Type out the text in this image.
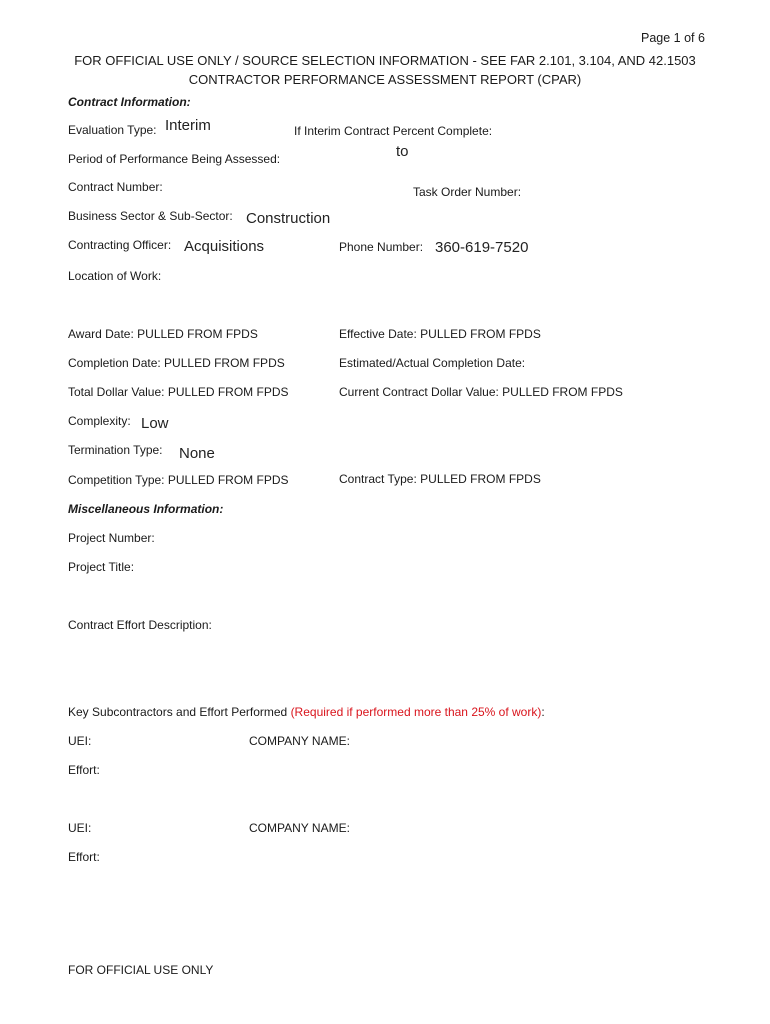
Page 1 of 6
FOR OFFICIAL USE ONLY / SOURCE SELECTION INFORMATION - SEE FAR 2.101, 3.104, AND 42.1503
CONTRACTOR PERFORMANCE ASSESSMENT REPORT (CPAR)
Contract Information:
Evaluation Type: Interim	If Interim Contract Percent Complete:
to
Period of Performance Being Assessed:
Contract Number:	Task Order Number:
Business Sector & Sub-Sector: Construction
Contracting Officer: Acquisitions	Phone Number: 360-619-7520
Location of Work:
Award Date: PULLED FROM FPDS	Effective Date: PULLED FROM FPDS
Completion Date: PULLED FROM FPDS	Estimated/Actual Completion Date:
Total Dollar Value: PULLED FROM FPDS	Current Contract Dollar Value: PULLED FROM FPDS
Complexity: Low
Termination Type: None
Competition Type: PULLED FROM FPDS	Contract Type: PULLED FROM FPDS
Miscellaneous Information:
Project Number:
Project Title:
Contract Effort Description:
Key Subcontractors and Effort Performed (Required if performed more than 25% of work):
UEI:	COMPANY NAME:
Effort:
UEI:	COMPANY NAME:
Effort:
FOR OFFICIAL USE ONLY
